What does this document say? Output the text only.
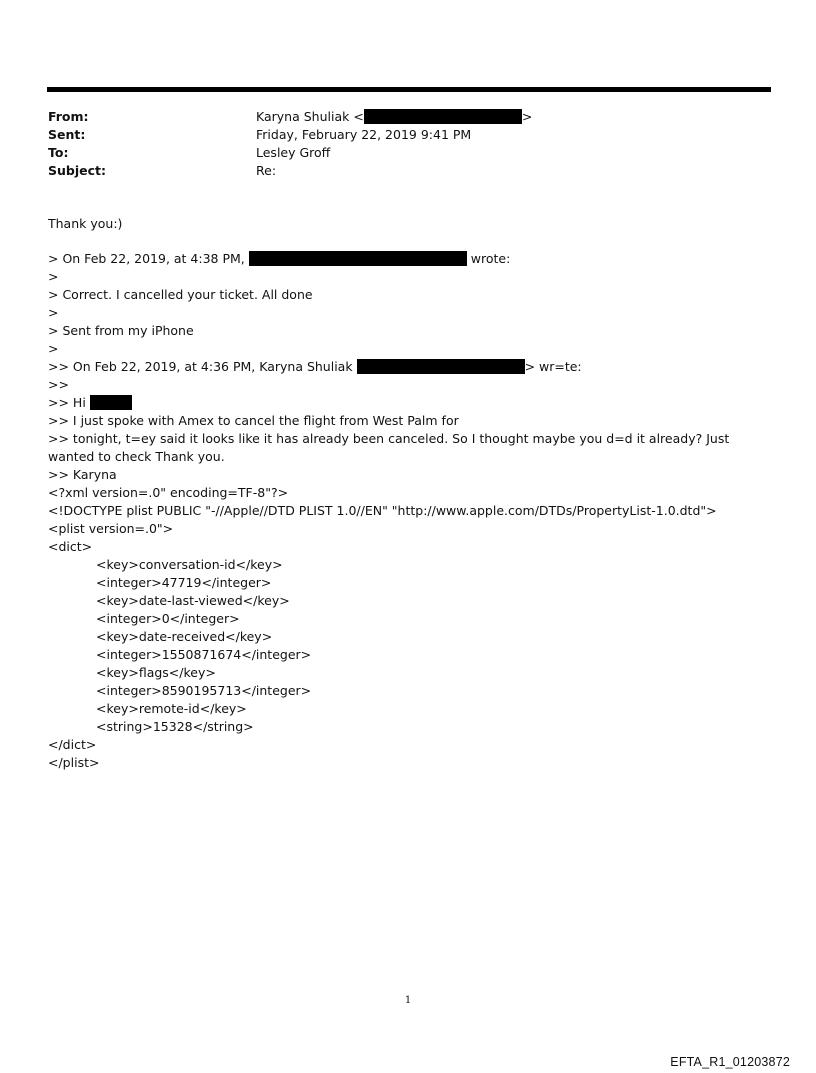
From:	Karyna Shuliak <	>
Sent:	Friday, February 22, 2019 9:41 PM
To:	Lesley Groff
Subject:	Re:
Thank you:)
> On Feb 22, 2019, at 4:38 PM,	wrote:
>
> Correct. I cancelled your ticket. All done
>
> Sent from my iPhone
>
>> On Feb 22, 2019, at 4:36 PM, Karyna Shuliak	> wr=te:
>>
>> Hi
>> I just spoke with Amex to cancel the flight from West Palm for
>> tonight, t=ey said it looks like it has already been canceled. So I thought maybe you d=d it already? Just wanted to check Thank you.
>> Karyna
<?xml version=.0" encoding=TF-8"?>
<!DOCTYPE plist PUBLIC "-//Apple//DTD PLIST 1.0//EN" "http://www.apple.com/DTDs/PropertyList-1.0.dtd">
<plist version=.0">
<dict>
<key>conversation-id</key>
<integer>47719</integer>
<key>date-last-viewed</key>
<integer>0</integer>
<key>date-received</key>
<integer>1550871674</integer>
<key>flags</key>
<integer>8590195713</integer>
<key>remote-id</key>
<string>15328</string>
</dict>
</plist>
1
EFTA_R1_01203872
